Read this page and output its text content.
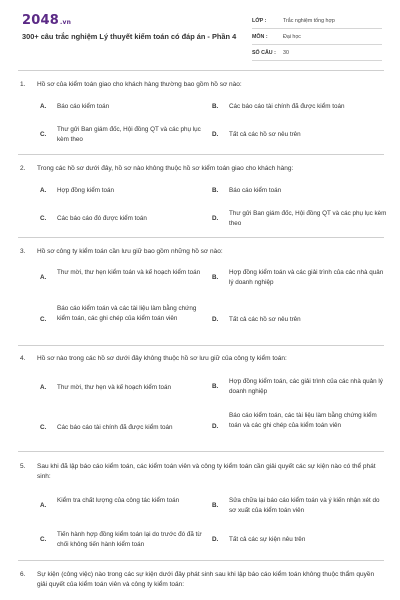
2048.vn
300+ câu trắc nghiệm Lý thuyết kiểm toán có đáp án - Phần 4
LỚP :	Trắc nghiệm tổng hợp
MÔN :	Đại học
SỐ CÂU :	30
1. Hồ sơ của kiểm toán giao cho khách hàng thường bao gồm hồ sơ nào:
A. Báo cáo kiểm toán	B. Các báo cáo tài chính đã được kiểm toán
C.
Thư gửi Ban giám đốc, Hội đồng QT và các phụ lục kèm theo
D. Tất cả các hồ sơ nêu trên
2. Trong các hồ sơ dưới đây, hồ sơ nào không thuộc hồ sơ kiểm toán giao cho khách hàng:
A. Hợp đồng kiểm toán	B. Báo cáo kiểm toán
C. Các báo cáo đó được kiểm toán	D.
Thư gửi Ban giám đốc, Hội đồng QT và các phụ lục kèm theo
3. Hồ sơ công ty kiểm toán cần lưu giữ bao gồm những hồ sơ nào:
A.
Thư mời, thư hẹn kiểm toán và kế hoạch kiểm toán
B.
Hợp đồng kiểm toán và các giải trình của các nhà quản lý doanh nghiệp
C.
Báo cáo kiểm toán và các tài liệu làm bằng chứng kiểm toán, các ghi chép của kiểm toán viên	D. Tất cả các hồ sơ nêu trên
4. Hồ sơ nào trong các hồ sơ dưới đây không thuộc hồ sơ lưu giữ của công ty kiểm toán:
A. Thư mời, thư hẹn và kế hoạch kiểm toán	B.
Hợp đồng kiểm toán, các giải trình của các nhà quản lý doanh nghiệp
C. Các báo cáo tài chính đã được kiểm toán	D.
Báo cáo kiểm toán, các tài liệu làm bằng chứng kiểm toán và các ghi chép của kiểm toán viên
5. Sau khi đã lập báo cáo kiểm toán, các kiểm toán viên và công ty kiểm toán cần giải quyết các sự kiện nào có thể phát sinh:
A.
Kiểm tra chất lượng của công tác kiểm toán
B.
Sửa chữa lại báo cáo kiểm toán và ý kiến nhận xét do sơ xuất của kiểm toán viên
C.
Tiến hành hợp đồng kiểm toán lại do trước đó đã từ chối không tiến hành kiểm toán
D. Tất cả các sự kiện nêu trên
6. Sự kiện (công việc) nào trong các sự kiện dưới đây phát sinh sau khi lập báo cáo kiểm toán không thuộc thẩm quyền giải quyết của kiểm toán viên và công ty kiểm toán:
